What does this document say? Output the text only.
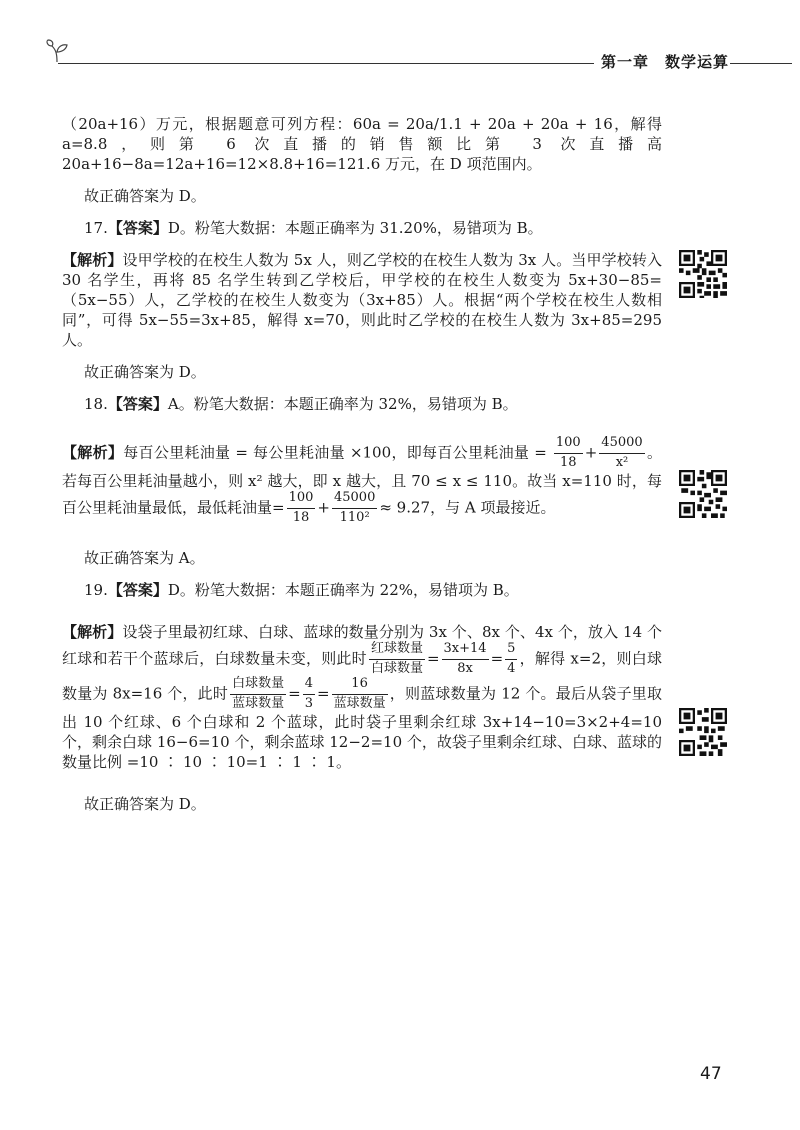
第一章　数学运算

（20a+16）万元，根据题意可列方程：60a = 20a/1.1 + 20a + 20a + 16，解得 a=8.8，则第 6 次直播的销售额比第 3 次直播高 20a+16−8a=12a+16=12×8.8+16=121.6 万元，在 D 项范围内。

故正确答案为 D。

17.【答案】D。粉笔大数据：本题正确率为 31.20%，易错项为 B。

【解析】设甲学校的在校生人数为 5x 人，则乙学校的在校生人数为 3x 人。当甲学校转入 30 名学生，再将 85 名学生转到乙学校后，甲学校的在校生人数变为 5x+30−85=（5x−55）人，乙学校的在校生人数变为（3x+85）人。根据“两个学校在校生人数相同”，可得 5x−55=3x+85，解得 x=70，则此时乙学校的在校生人数为 3x+85=295 人。

故正确答案为 D。

18.【答案】A。粉笔大数据：本题正确率为 32%，易错项为 B。

【解析】每百公里耗油量 = 每公里耗油量 ×100，即每百公里耗油量 = $\frac{100}{18} + \frac{45000}{\text{x²}}$ 。若每百公里耗油量越小，则 x² 越大，即 x 越大，且 70 ≤ x ≤ 110。故当 x=110 时，每百公里耗油量最低，最低耗油量= $\frac{100}{18} + \frac{45000}{\text{110²}} \approx 9.27$，与 A 项最接近。

故正确答案为 A。

19.【答案】D。粉笔大数据：本题正确率为 22%，易错项为 B。

【解析】设袋子里最初红球、白球、蓝球的数量分别为 3x 个、8x 个、4x 个，放入 14 个红球和若干个蓝球后，白球数量未变，则此时 $\frac{\text{红球数量}}{\text{白球数量}} = \frac{3x+14}{8x} = \frac{5}{4}$ ，解得 x=2，则白球数量为 8x=16 个，此时 $\frac{\text{白球数量}}{\text{蓝球数量}} = \frac{4}{3} = \frac{16}{\text{蓝球数量}}$ ，则蓝球数量为 12 个。最后从袋子里取出 10 个红球、6 个白球和 2 个蓝球，此时袋子里剩余红球 3x+14−10=3×2+4=10 个，剩余白球 16−6=10 个，剩余蓝球 12−2=10 个，故袋子里剩余红球、白球、蓝球的数量比例 =10 ∶ 10 ∶ 10=1 ∶ 1 ∶ 1。

故正确答案为 D。

47
